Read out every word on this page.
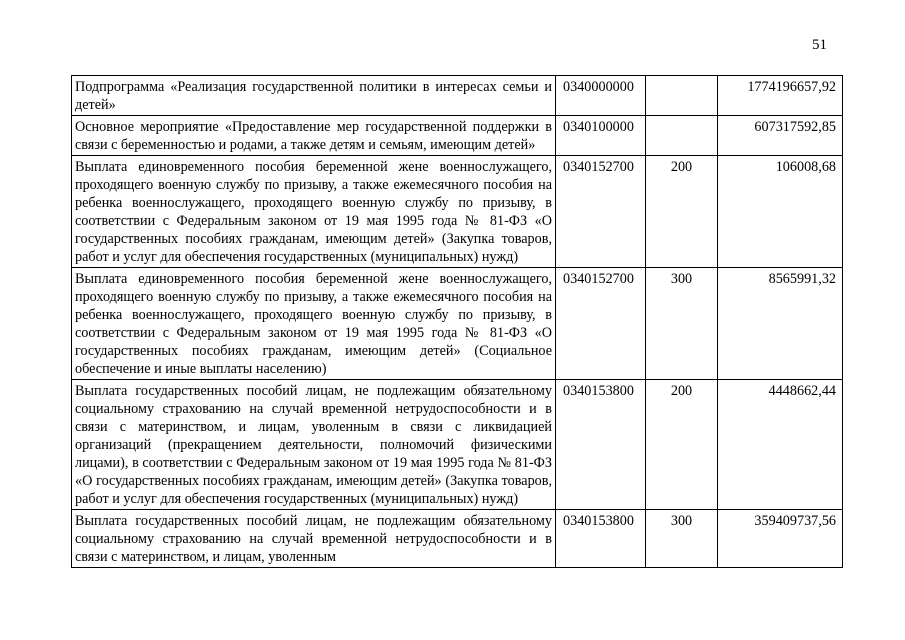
51
Подпрограмма «Реализация государственной политики в интересах семьи и детей»	0340000000		1774196657,92
Основное мероприятие «Предоставление мер государственной поддержки в связи с беременностью и родами, а также детям и семьям, имеющим детей»	0340100000		607317592,85
Выплата единовременного пособия беременной жене военнослужащего, проходящего военную службу по призыву, а также ежемесячного пособия на ребенка военнослужащего, проходящего военную службу по призыву, в соответствии с Федеральным законом от 19 мая 1995 года № 81-ФЗ «О государственных пособиях гражданам, имеющим детей» (Закупка товаров, работ и услуг для обеспечения государственных (муниципальных) нужд)	0340152700	200	106008,68
Выплата единовременного пособия беременной жене военнослужащего, проходящего военную службу по призыву, а также ежемесячного пособия на ребенка военнослужащего, проходящего военную службу по призыву, в соответствии с Федеральным законом от 19 мая 1995 года № 81-ФЗ «О государственных пособиях гражданам, имеющим детей» (Социальное обеспечение и иные выплаты населению)	0340152700	300	8565991,32
Выплата государственных пособий лицам, не подлежащим обязательному социальному страхованию на случай временной нетрудоспособности и в связи с материнством, и лицам, уволенным в связи с ликвидацией организаций (прекращением деятельности, полномочий физическими лицами), в соответствии с Федеральным законом от 19 мая 1995 года № 81-ФЗ «О государственных пособиях гражданам, имеющим детей» (Закупка товаров, работ и услуг для обеспечения государственных (муниципальных) нужд)	0340153800	200	4448662,44
Выплата государственных пособий лицам, не подлежащим обязательному социальному страхованию на случай временной нетрудоспособности и в связи с материнством, и лицам, уволенным	0340153800	300	359409737,56
